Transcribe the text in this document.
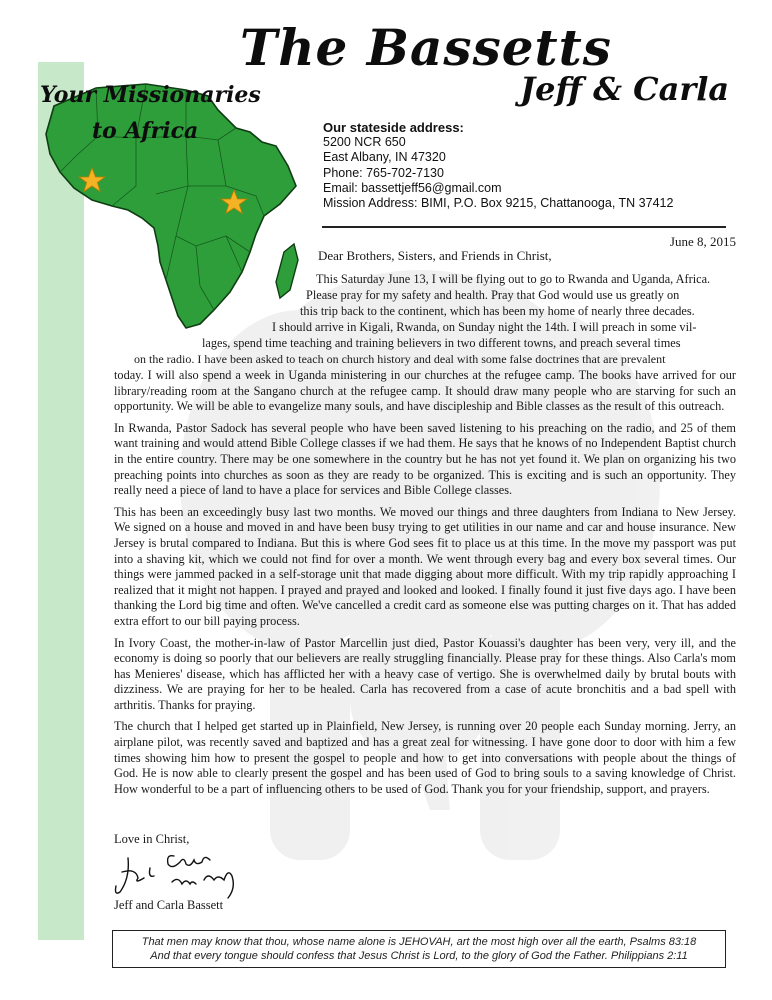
The Bassetts
Jeff & Carla
Your Missionaries
to Africa	Our stateside address:
5200 NCR 650
East Albany, IN 47320
Phone: 765-702-7130
Email: bassettjeff56@gmail.com
Mission Address: BIMI, P.O. Box 9215, Chattanooga, TN 37412
June 8, 2015
Dear Brothers, Sisters, and Friends in Christ,
This Saturday June 13, I will be flying out to go to Rwanda and Uganda, Africa.
Please pray for my safety and health. Pray that God would use us greatly on
this trip back to the continent, which has been my home of nearly three decades.
I should arrive in Kigali, Rwanda, on Sunday night the 14th. I will preach in some vil-
lages, spend time teaching and training believers in two different towns, and preach several times
on the radio. I have been asked to teach on church history and deal with some false doctrines that are prevalent

today. I will also spend a week in Uganda ministering in our churches at the refugee camp. The books have arrived for our library/reading room at the Sangano church at the refugee camp. It should draw many people who are starving for such an opportunity. We will be able to evangelize many souls, and have discipleship and Bible classes as the result of this outreach.

In Rwanda, Pastor Sadock has several people who have been saved listening to his preaching on the radio, and 25 of them want training and would attend Bible College classes if we had them. He says that he knows of no Independent Baptist church in the entire country. There may be one somewhere in the country but he has not yet found it. We plan on organizing his two preaching points into churches as soon as they are ready to be organized. This is exciting and is such an opportunity. They really need a piece of land to have a place for services and Bible College classes.

This has been an exceedingly busy last two months. We moved our things and three daughters from Indiana to New Jersey. We signed on a house and moved in and have been busy trying to get utilities in our name and car and house insurance. New Jersey is brutal compared to Indiana. But this is where God sees fit to place us at this time. In the move my passport was put into a shaving kit, which we could not find for over a month. We went through every bag and every box several times. Our things were jammed packed in a self-storage unit that made digging about more difficult. With my trip rapidly approaching I realized that it might not happen. I prayed and prayed and looked and looked. I finally found it just five days ago. I have been thanking the Lord big time and often. We've cancelled a credit card as someone else was putting charges on it. That has added extra effort to our bill paying process.

In Ivory Coast, the mother-in-law of Pastor Marcellin just died, Pastor Kouassi's daughter has been very, very ill, and the economy is doing so poorly that our believers are really struggling financially. Please pray for these things. Also Carla's mom has Menieres' disease, which has afflicted her with a heavy case of vertigo. She is overwhelmed daily by brutal bouts with dizziness. We are praying for her to be healed. Carla has recovered from a case of acute bronchitis and a bad spell with arthritis. Thanks for praying.

The church that I helped get started up in Plainfield, New Jersey, is running over 20 people each Sunday morning. Jerry, an airplane pilot, was recently saved and baptized and has a great zeal for witnessing. I have gone door to door with him a few times showing him how to present the gospel to people and how to get into conversations with people about the things of God. He is now able to clearly present the gospel and has been used of God to bring souls to a saving knowledge of Christ. How wonderful to be a part of influencing others to be used of God. Thank you for your friendship, support, and prayers.

Love in Christ,
Jeff and Carla Bassett
That men may know that thou, whose name alone is JEHOVAH, art the most high over all the earth, Psalms 83:18
And that every tongue should confess that Jesus Christ is Lord, to the glory of God the Father. Philippians 2:11
